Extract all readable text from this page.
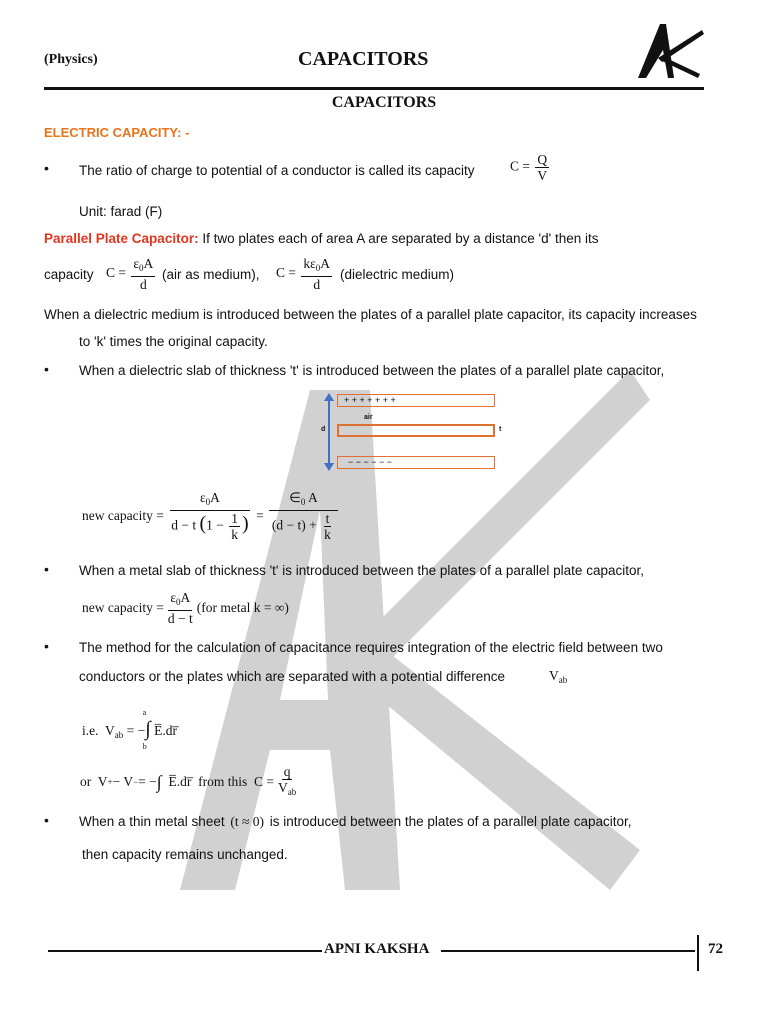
(Physics)	CAPACITORS
CAPACITORS
ELECTRIC CAPACITY: -
• The ratio of charge to potential of a conductor is called its capacity	$C = \frac{Q}{V}$
Unit: farad (F)
Parallel Plate Capacitor: If two plates each of area A are separated by a distance 'd' then its
capacity $C = \frac{\varepsilon_0A}{d} (air$ as medium), $C = \frac{k\varepsilon_0A}{d}$ (dielectric medium)
When a dielectric medium is introduced between the plates of a parallel plate capacitor, its capacity increases
to 'k' times the original capacity.
• When a dielectric slab of thickness 't' is introduced between the plates of a parallel plate capacitor,
+ + + + + + +
air
d	t
− − − − − −
new capacity = $\frac{\varepsilon_0A}{d - t (1 - \frac{1}{k} )} = \frac{\in_0 A}{(d - t) + \frac{t}{k}}$
• When a metal slab of thickness 't' is introduced between the plates of a parallel plate capacitor,
new capacity = $\frac{\varepsilon_0A}{d - t} (for$ metal k = ∞)
• The method for the calculation of capacitance requires integration of the electric field between two
conductors or the plates which are separated with a potential difference	$V_{ab}$
i.e.  $V_{ab}$ = −∫
a
b
E̅.dr̅
or V + − V − = − ∫ E̅.dr̅ from this $C = \frac{q}{V_{ab}}$
• When a thin metal sheet (t ≈ 0) is introduced between the plates of a parallel plate capacitor,
then capacity remains unchanged.
APNI KAKSHA	72
